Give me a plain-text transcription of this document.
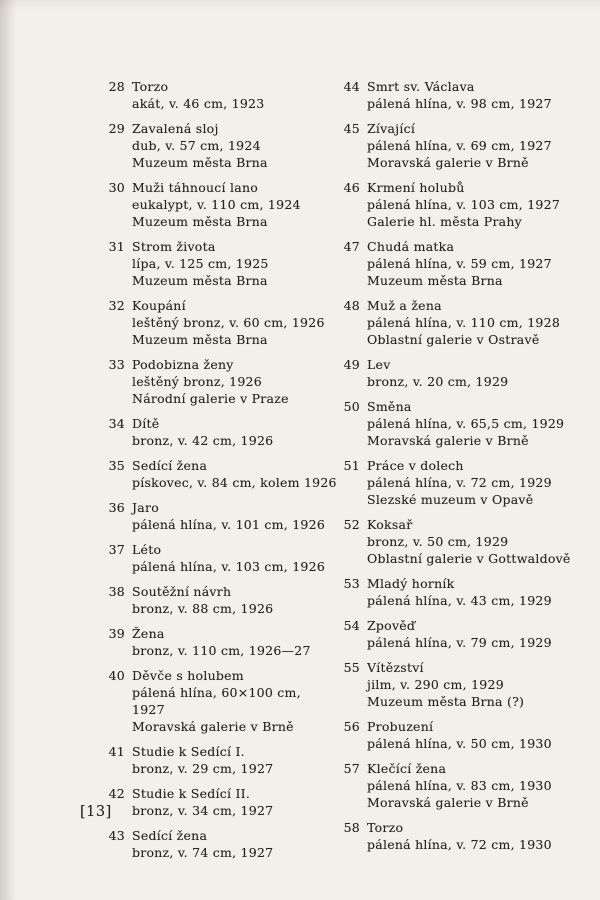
28 Torzo
akát, v. 46 cm, 1923
29 Zavalená sloj
dub, v. 57 cm, 1924
Muzeum města Brna
30 Muži táhnoucí lano
eukalypt, v. 110 cm, 1924
Muzeum města Brna
31 Strom života
lípa, v. 125 cm, 1925
Muzeum města Brna
32 Koupání
leštěný bronz, v. 60 cm, 1926
Muzeum města Brna
33 Podobizna ženy
leštěný bronz, 1926
Národní galerie v Praze
34 Dítě
bronz, v. 42 cm, 1926
35 Sedící žena
pískovec, v. 84 cm, kolem 1926
36 Jaro
pálená hlína, v. 101 cm, 1926
37 Léto
pálená hlína, v. 103 cm, 1926
38 Soutěžní návrh
bronz, v. 88 cm, 1926
39 Žena
bronz, v. 110 cm, 1926—27
40 Děvče s holubem
pálená hlína, 60×100 cm, 1927
Moravská galerie v Brně
41 Studie k Sedící I.
bronz, v. 29 cm, 1927
42 Studie k Sedící II.
bronz, v. 34 cm, 1927
43 Sedící žena
bronz, v. 74 cm, 1927
44 Smrt sv. Václava
pálená hlína, v. 98 cm, 1927
45 Zívající
pálená hlína, v. 69 cm, 1927
Moravská galerie v Brně
46 Krmení holubů
pálená hlína, v. 103 cm, 1927
Galerie hl. města Prahy
47 Chudá matka
pálená hlína, v. 59 cm, 1927
Muzeum města Brna
48 Muž a žena
pálená hlína, v. 110 cm, 1928
Oblastní galerie v Ostravě
49 Lev
bronz, v. 20 cm, 1929
50 Směna
pálená hlína, v. 65,5 cm, 1929
Moravská galerie v Brně
51 Práce v dolech
pálená hlína, v. 72 cm, 1929
Slezské muzeum v Opavě
52 Koksař
bronz, v. 50 cm, 1929
Oblastní galerie v Gottwaldově
53 Mladý horník
pálená hlína, v. 43 cm, 1929
54 Zpověď
pálená hlína, v. 79 cm, 1929
55 Vítězství
jilm, v. 290 cm, 1929
Muzeum města Brna (?)
56 Probuzení
pálená hlína, v. 50 cm, 1930
57 Klečící žena
pálená hlína, v. 83 cm, 1930
Moravská galerie v Brně
58 Torzo
pálená hlína, v. 72 cm, 1930
[13]
